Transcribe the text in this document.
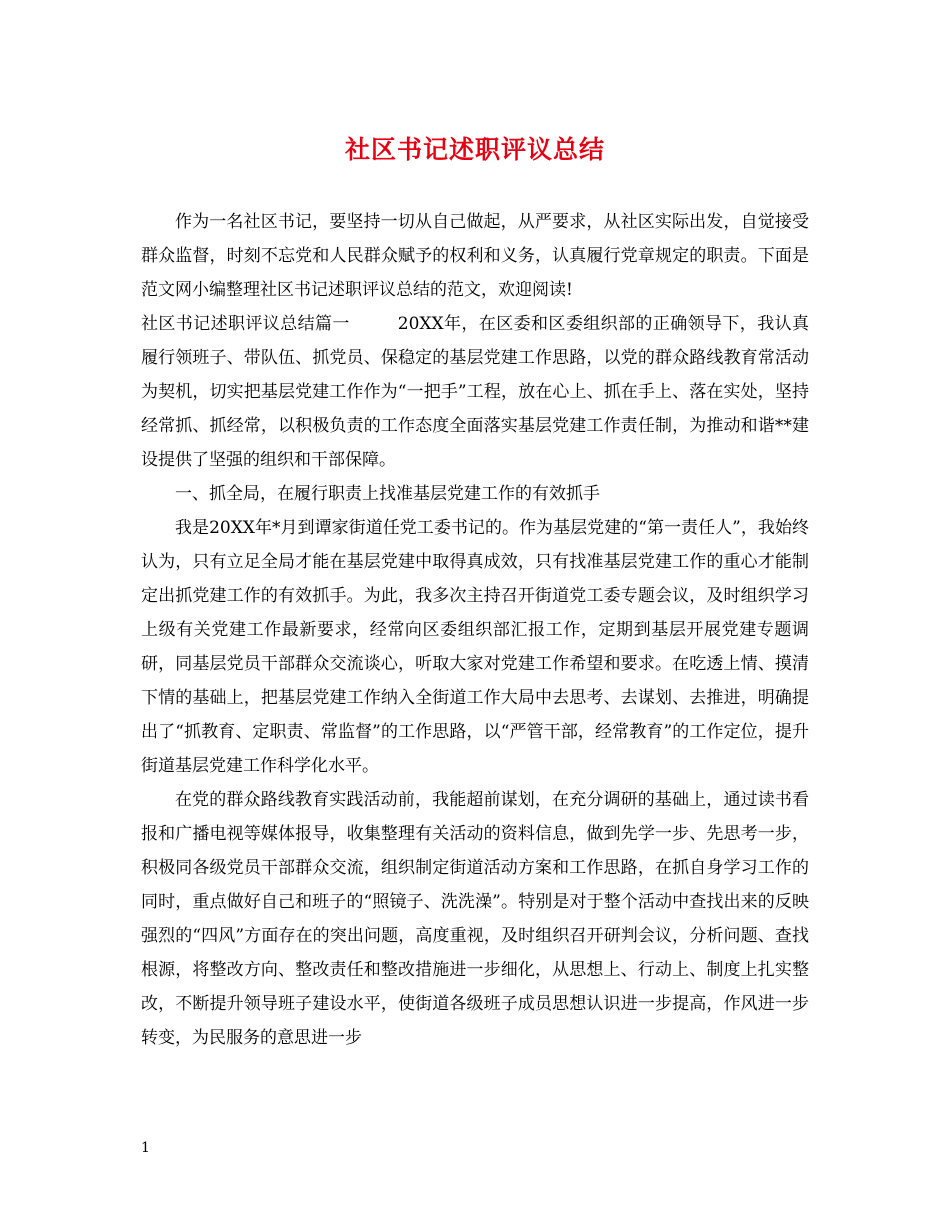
社区书记述职评议总结

作为一名社区书记，要坚持一切从自己做起，从严要求，从社区实际出发，自觉接受群众监督，时刻不忘党和人民群众赋予的权利和义务，认真履行党章规定的职责。下面是范文网小编整理社区书记述职评议总结的范文，欢迎阅读!

社区书记述职评议总结篇一	20XX年，在区委和区委组织部的正确领导下，我认真履行领班子、带队伍、抓党员、保稳定的基层党建工作思路，以党的群众路线教育常活动为契机，切实把基层党建工作作为“一把手”工程，放在心上、抓在手上、落在实处，坚持经常抓、抓经常，以积极负责的工作态度全面落实基层党建工作责任制，为推动和谐**建设提供了坚强的组织和干部保障。

一、抓全局，在履行职责上找准基层党建工作的有效抓手

我是20XX年*月到谭家街道任党工委书记的。作为基层党建的“第一责任人”，我始终认为，只有立足全局才能在基层党建中取得真成效，只有找准基层党建工作的重心才能制定出抓党建工作的有效抓手。为此，我多次主持召开街道党工委专题会议，及时组织学习上级有关党建工作最新要求，经常向区委组织部汇报工作，定期到基层开展党建专题调研，同基层党员干部群众交流谈心，听取大家对党建工作希望和要求。在吃透上情、摸清下情的基础上，把基层党建工作纳入全街道工作大局中去思考、去谋划、去推进，明确提出了“抓教育、定职责、常监督”的工作思路，以“严管干部，经常教育”的工作定位，提升街道基层党建工作科学化水平。

在党的群众路线教育实践活动前，我能超前谋划，在充分调研的基础上，通过读书看报和广播电视等媒体报导，收集整理有关活动的资料信息，做到先学一步、先思考一步，积极同各级党员干部群众交流，组织制定街道活动方案和工作思路，在抓自身学习工作的同时，重点做好自己和班子的“照镜子、洗洗澡”。特别是对于整个活动中查找出来的反映强烈的“四风”方面存在的突出问题，高度重视，及时组织召开研判会议，分析问题、查找根源，将整改方向、整改责任和整改措施进一步细化，从思想上、行动上、制度上扎实整改，不断提升领导班子建设水平，使街道各级班子成员思想认识进一步提高，作风进一步转变，为民服务的意思进一步

1
